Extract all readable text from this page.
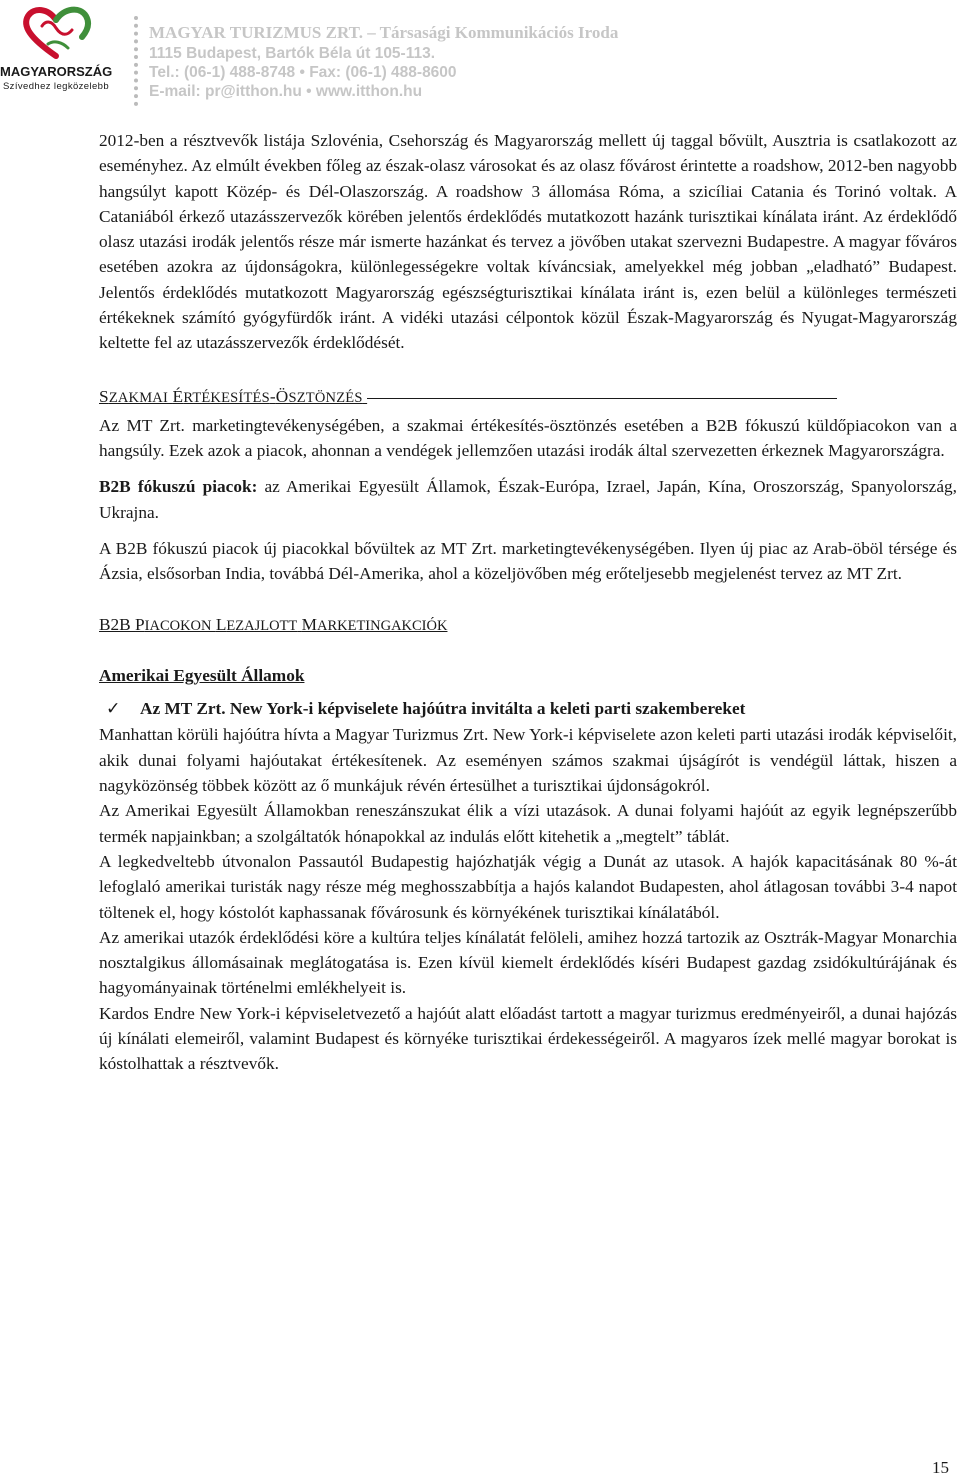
MAGYARORSZÁG
Szívedhez legközelebb
MAGYAR TURIZMUS ZRT. – Társasági Kommunikációs Iroda
1115 Budapest, Bartók Béla út 105-113.
Tel.: (06-1) 488-8748 • Fax: (06-1) 488-8600
E-mail: pr@itthon.hu • www.itthon.hu

2012-ben a résztvevők listája Szlovénia, Csehország és Magyarország mellett új taggal bővült, Ausztria is csatlakozott az eseményhez. Az elmúlt években főleg az észak-olasz városokat és az olasz fővárost érintette a roadshow, 2012-ben nagyobb hangsúlyt kapott Közép- és Dél-Olaszország. A roadshow 3 állomása Róma, a szicíliai Catania és Torinó voltak. A Cataniából érkező utazásszervezők körében jelentős érdeklődés mutatkozott hazánk turisztikai kínálata iránt. Az érdeklődő olasz utazási irodák jelentős része már ismerte hazánkat és tervez a jövőben utakat szervezni Budapestre. A magyar főváros esetében azokra az újdonságokra, különlegességekre voltak kíváncsiak, amelyekkel még jobban „eladható” Budapest. Jelentős érdeklődés mutatkozott Magyarország egészségturisztikai kínálata iránt is, ezen belül a különleges természeti értékeknek számító gyógyfürdők iránt. A vidéki utazási célpontok közül Észak-Magyarország és Nyugat-Magyarország keltette fel az utazásszervezők érdeklődését.

SZAKMAI ÉRTÉKESÍTÉS-ÖSZTÖNZÉS

Az MT Zrt. marketingtevékenységében, a szakmai értékesítés-ösztönzés esetében a B2B fókuszú küldőpiacokon van a hangsúly. Ezek azok a piacok, ahonnan a vendégek jellemzően utazási irodák által szervezetten érkeznek Magyarországra.

B2B fókuszú piacok: az Amerikai Egyesült Államok, Észak-Európa, Izrael, Japán, Kína, Oroszország, Spanyolország, Ukrajna.

A B2B fókuszú piacok új piacokkal bővültek az MT Zrt. marketingtevékenységében. Ilyen új piac az Arab-öböl térsége és Ázsia, elsősorban India, továbbá Dél-Amerika, ahol a közeljövőben még erőteljesebb megjelenést tervez az MT Zrt.

B2B PIACOKON LEZAJLOTT MARKETINGAKCIÓK
Amerikai Egyesült Államok
✓ Az MT Zrt. New York-i képviselete hajóútra invitálta a keleti parti szakembereket

Manhattan körüli hajóútra hívta a Magyar Turizmus Zrt. New York-i képviselete azon keleti parti utazási irodák képviselőit, akik dunai folyami hajóutakat értékesítenek. Az eseményen számos szakmai újságírót is vendégül láttak, hiszen a nagyközönség többek között az ő munkájuk révén értesülhet a turisztikai újdonságokról.

Az Amerikai Egyesült Államokban reneszánszukat élik a vízi utazások. A dunai folyami hajóút az egyik legnépszerűbb termék napjainkban; a szolgáltatók hónapokkal az indulás előtt kitehetik a „megtelt” táblát.

A legkedveltebb útvonalon Passautól Budapestig hajózhatják végig a Dunát az utasok. A hajók kapacitásának 80 %-át lefoglaló amerikai turisták nagy része még meghosszabbítja a hajós kalandot Budapesten, ahol átlagosan további 3-4 napot töltenek el, hogy kóstolót kaphassanak fővárosunk és környékének turisztikai kínálatából.

Az amerikai utazók érdeklődési köre a kultúra teljes kínálatát felöleli, amihez hozzá tartozik az Osztrák-Magyar Monarchia nosztalgikus állomásainak meglátogatása is. Ezen kívül kiemelt érdeklődés kíséri Budapest gazdag zsidókultúrájának és hagyományainak történelmi emlékhelyeit is.

Kardos Endre New York-i képviseletvezető a hajóút alatt előadást tartott a magyar turizmus eredményeiről, a dunai hajózás új kínálati elemeiről, valamint Budapest és környéke turisztikai érdekességeiről. A magyaros ízek mellé magyar borokat is kóstolhattak a résztvevők.

15
